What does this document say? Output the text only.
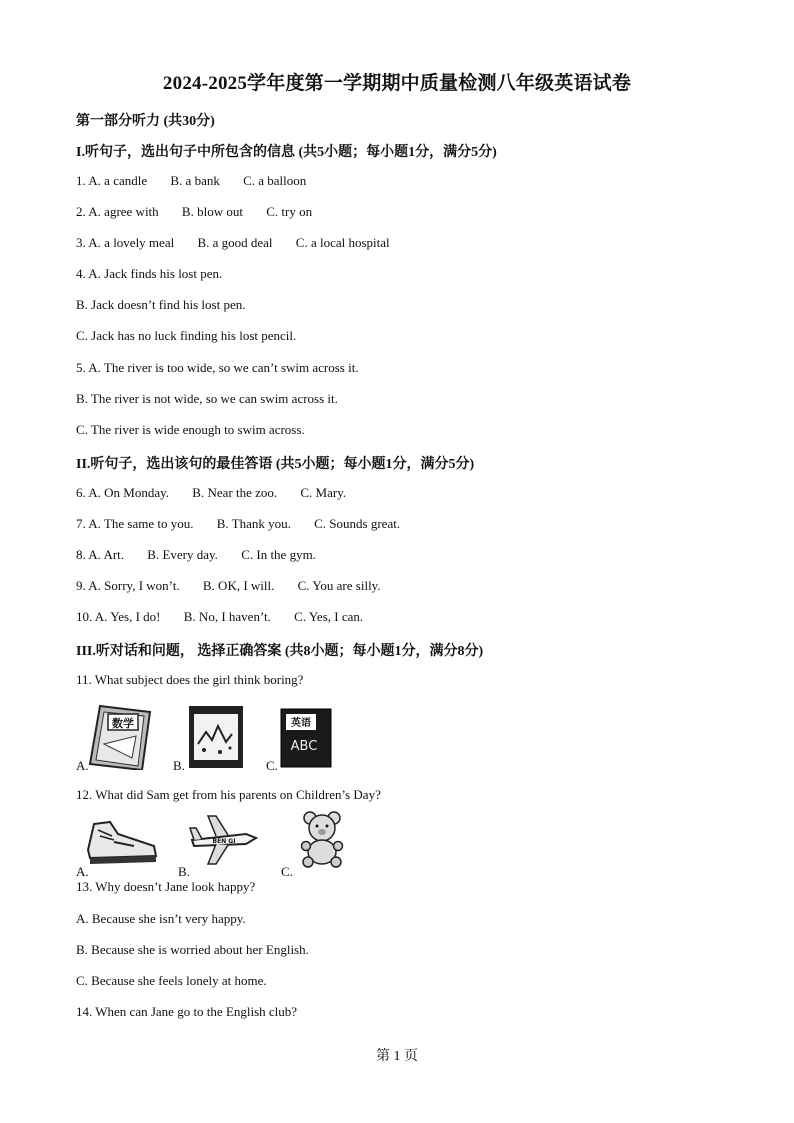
2024-2025学年度第一学期期中质量检测八年级英语试卷
第一部分听力 (共30分)
I.听句子，选出句子中所包含的信息 (共5小题；每小题1分，满分5分)
1. A. a candle B. a bank C. a balloon
2. A. agree with B. blow out C. try on
3. A. a lovely meal B. a good deal C. a local hospital
4. A. Jack finds his lost pen.
B. Jack doesn’t find his lost pen.
C. Jack has no luck finding his lost pencil.
5. A. The river is too wide, so we can’t swim across it.
B. The river is not wide, so we can swim across it.
C. The river is wide enough to swim across.
II.听句子，选出该句的最佳答语 (共5小题；每小题1分，满分5分)
6. A. On Monday. B. Near the zoo. C. Mary.
7. A. The same to you. B. Thank you. C. Sounds great.
8. A. Art. B. Every day. C. In the gym.
9. A. Sorry, I won’t. B. OK, I will. C. You are silly.
10. A. Yes, I do! B. No, I haven’t. C. Yes, I can.
III.听对话和问题， 选择正确答案 (共8小题；每小题1分，满分8分)
11. What subject does the girl think boring?
A.
数学
B.	C.
英语
ABC
12. What did Sam get from his parents on Children’s Day?
A.	B.
BEN GI
C.
13. Why doesn’t Jane look happy?
A. Because she isn’t very happy.
B. Because she is worried about her English.
C. Because she feels lonely at home.
14. When can Jane go to the English club?
第 1 页
